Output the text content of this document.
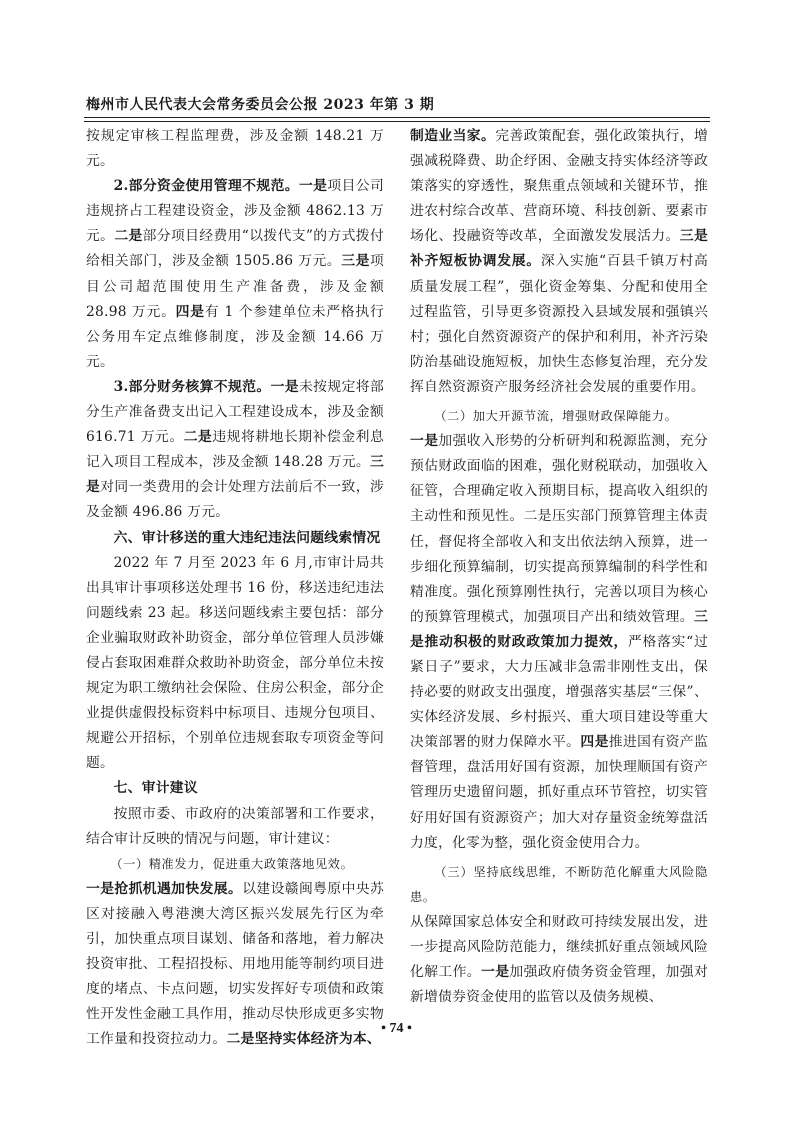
梅州市人民代表大会常务委员会公报 2023 年第 3 期

按规定审核工程监理费，涉及金额 148.21 万元。

2.部分资金使用管理不规范。一是项目公司违规挤占工程建设资金，涉及金额 4862.13 万元。二是部分项目经费用“以拨代支”的方式拨付给相关部门，涉及金额 1505.86 万元。三是项目公司超范围使用生产准备费，涉及金额 28.98 万元。四是有 1 个参建单位未严格执行公务用车定点维修制度，涉及金额 14.66 万元。

3.部分财务核算不规范。一是未按规定将部分生产准备费支出记入工程建设成本，涉及金额 616.71 万元。二是违规将耕地长期补偿金利息记入项目工程成本，涉及金额 148.28 万元。三是对同一类费用的会计处理方法前后不一致，涉及金额 496.86 万元。

六、审计移送的重大违纪违法问题线索情况

2022 年 7 月至 2023 年 6 月,市审计局共出具审计事项移送处理书 16 份，移送违纪违法问题线索 23 起。移送问题线索主要包括：部分企业骗取财政补助资金，部分单位管理人员涉嫌侵占套取困难群众救助补助资金，部分单位未按规定为职工缴纳社会保险、住房公积金，部分企业提供虚假投标资料中标项目、违规分包项目、规避公开招标，个别单位违规套取专项资金等问题。

七、审计建议

按照市委、市政府的决策部署和工作要求，结合审计反映的情况与问题，审计建议：

（一）精准发力，促进重大政策落地见效。

一是抢抓机遇加快发展。以建设赣闽粤原中央苏区对接融入粤港澳大湾区振兴发展先行区为牵引，加快重点项目谋划、储备和落地，着力解决投资审批、工程招投标、用地用能等制约项目进度的堵点、卡点问题，切实发挥好专项债和政策性开发性金融工具作用，推动尽快形成更多实物工作量和投资拉动力。二是坚持实体经济为本、

制造业当家。完善政策配套，强化政策执行，增强减税降费、助企纾困、金融支持实体经济等政策落实的穿透性，聚焦重点领域和关键环节，推进农村综合改革、营商环境、科技创新、要素市场化、投融资等改革，全面激发发展活力。三是补齐短板协调发展。深入实施“百县千镇万村高质量发展工程”，强化资金筹集、分配和使用全过程监管，引导更多资源投入县域发展和强镇兴村；强化自然资源资产的保护和利用，补齐污染防治基础设施短板，加快生态修复治理，充分发挥自然资源资产服务经济社会发展的重要作用。

（二）加大开源节流，增强财政保障能力。

一是加强收入形势的分析研判和税源监测，充分预估财政面临的困难，强化财税联动，加强收入征管，合理确定收入预期目标，提高收入组织的主动性和预见性。二是压实部门预算管理主体责任，督促将全部收入和支出依法纳入预算，进一步细化预算编制，切实提高预算编制的科学性和精准度。强化预算刚性执行，完善以项目为核心的预算管理模式，加强项目产出和绩效管理。三是推动积极的财政政策加力提效，严格落实“过紧日子”要求，大力压减非急需非刚性支出，保持必要的财政支出强度，增强落实基层“三保”、实体经济发展、乡村振兴、重大项目建设等重大决策部署的财力保障水平。四是推进国有资产监督管理，盘活用好国有资源，加快理顺国有资产管理历史遗留问题，抓好重点环节管控，切实管好用好国有资源资产；加大对存量资金统筹盘活力度，化零为整，强化资金使用合力。

（三）坚持底线思维，不断防范化解重大风险隐患。

从保障国家总体安全和财政可持续发展出发，进一步提高风险防范能力，继续抓好重点领域风险化解工作。一是加强政府债务资金管理，加强对新增债券资金使用的监管以及债务规模、

• 74 •
